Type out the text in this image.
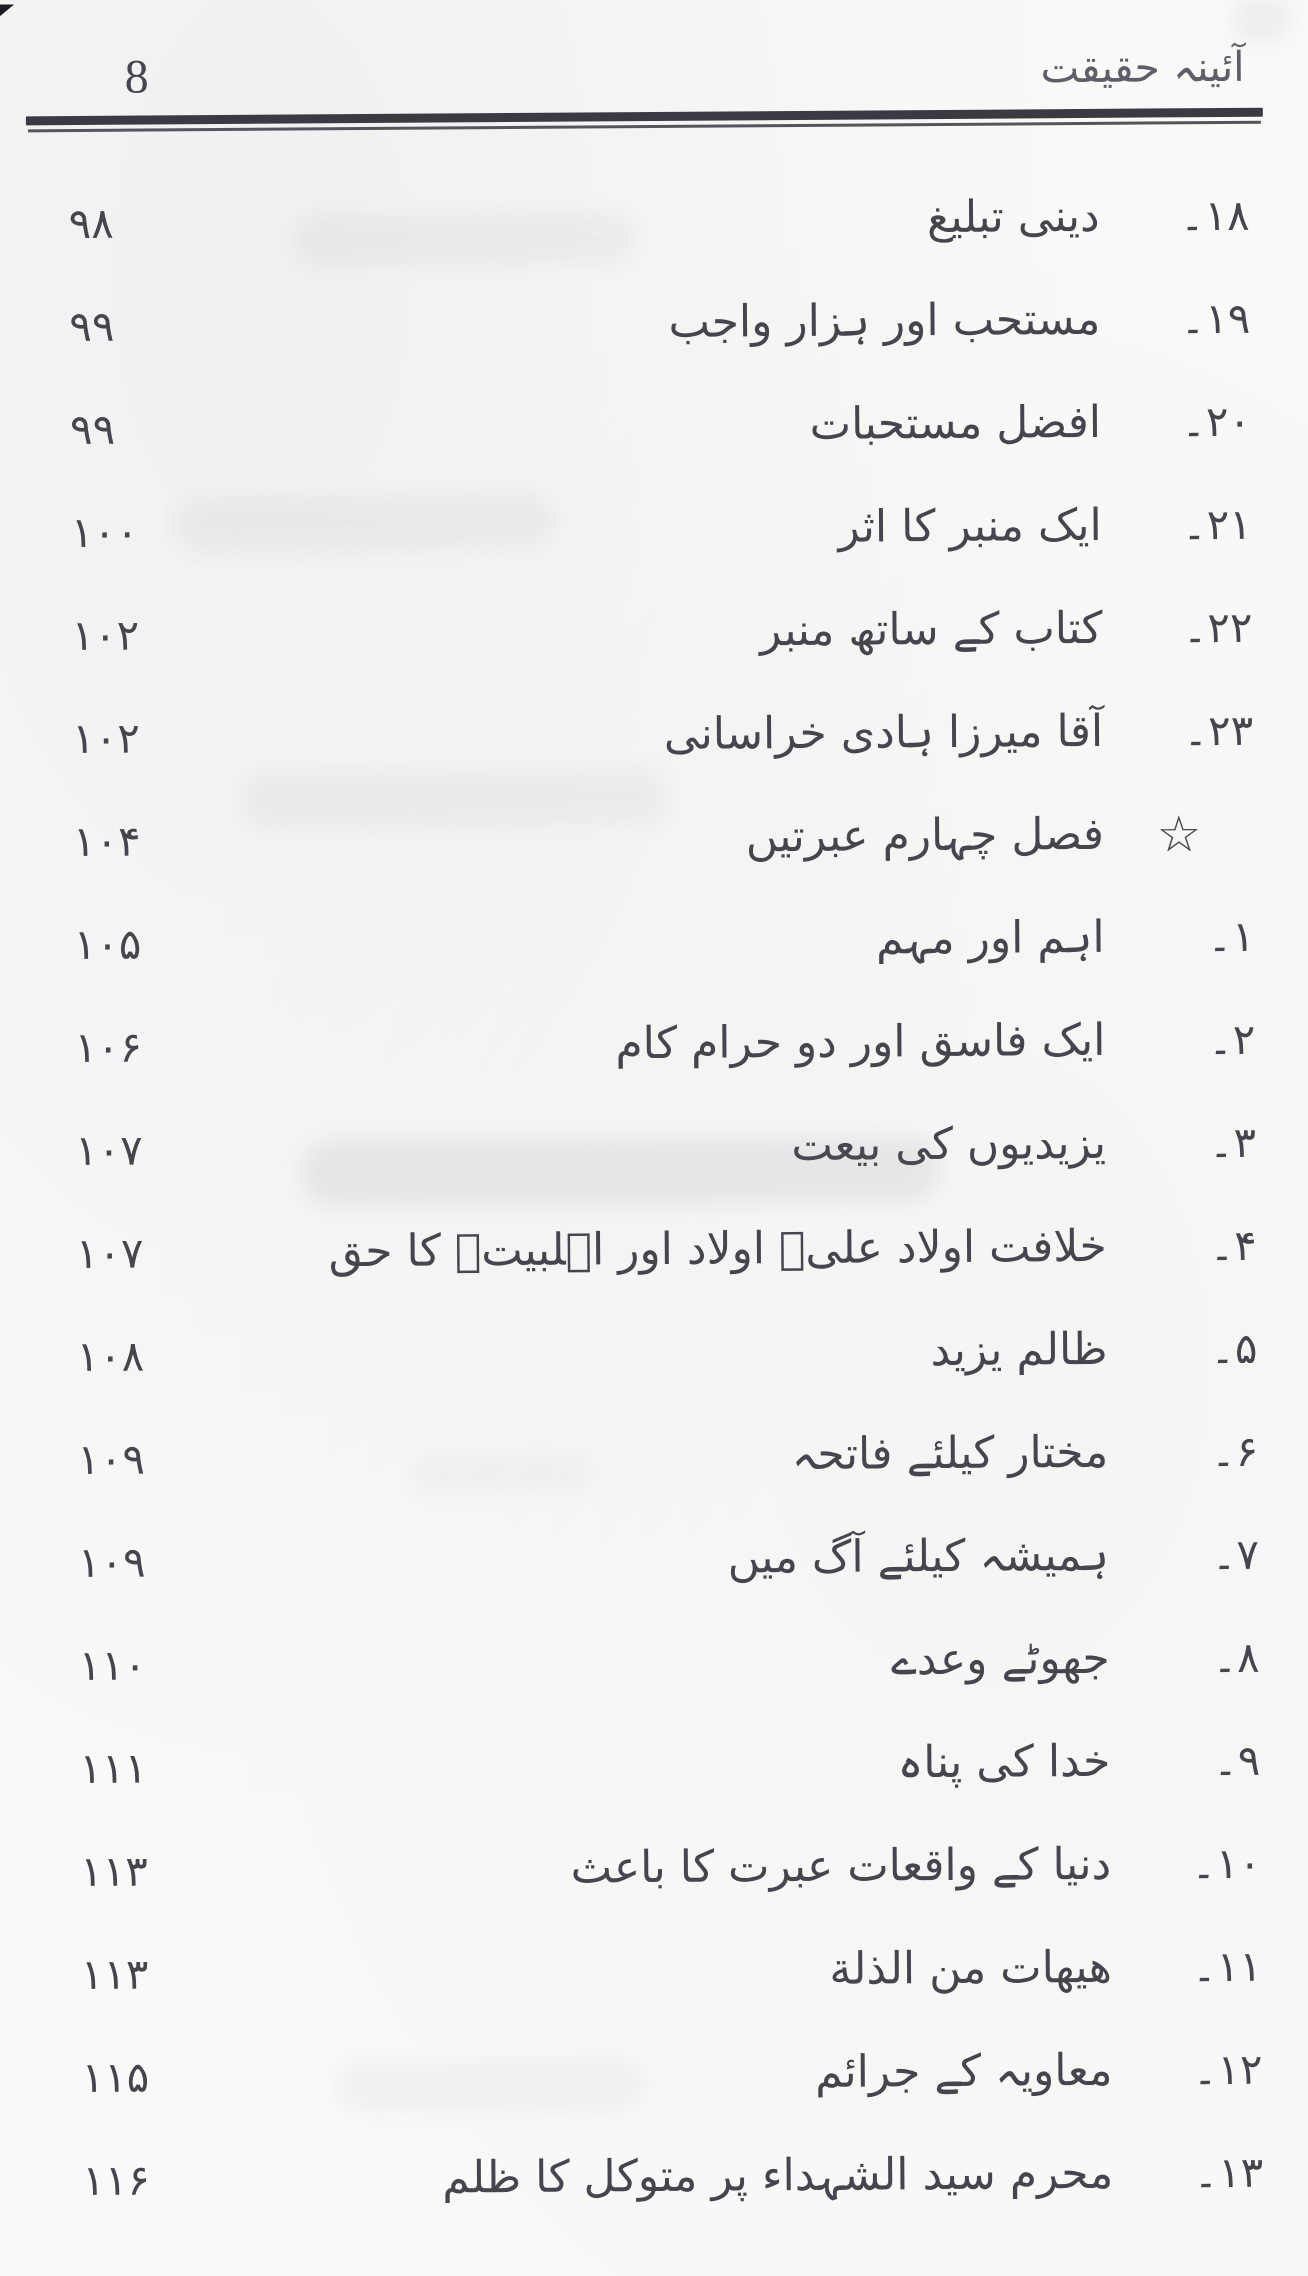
آئینہ حقیقت
8
۱۸۔
دینی تبلیغ
۹۸
۱۹۔
مستحب اور ہزار واجب
۹۹
۲۰۔
افضل مستحبات
۹۹
۲۱۔
ایک منبر کا اثر
۱۰۰
۲۲۔
کتاب کے ساتھ منبر
۱۰۲
۲۳۔
آقا میرزا ہادی خراسانی
۱۰۲
☆
فصل چہارم عبرتیں
۱۰۴
۱۔
اہم اور مہم
۱۰۵
۲۔
ایک فاسق اور دو حرام کام
۱۰۶
۳۔
یزیدیوں کی بیعت
۱۰۷
۴۔
خلافت اولاد علیؑ اولاد اور اہلبیتؑ کا حق
۱۰۷
۵۔
ظالم یزید
۱۰۸
۶۔
مختار کیلئے فاتحہ
۱۰۹
۷۔
ہمیشہ کیلئے آگ میں
۱۰۹
۸۔
جھوٹے وعدے
۱۱۰
۹۔
خدا کی پناہ
۱۱۱
۱۰۔
دنیا کے واقعات عبرت کا باعث
۱۱۳
۱۱۔
ھیھات من الذلة
۱۱۳
۱۲۔
معاویہ کے جرائم
۱۱۵
۱۳۔
محرم سید الشہداء پر متوکل کا ظلم
۱۱۶
